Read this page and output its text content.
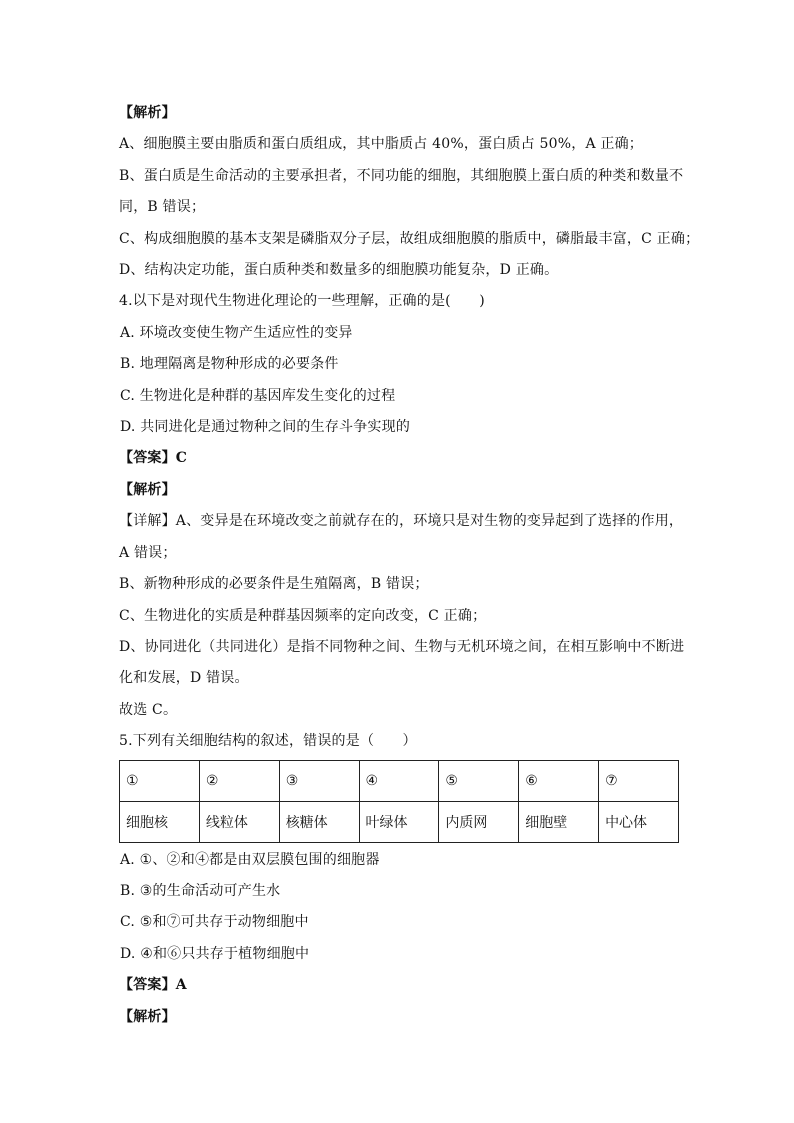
【解析】
A、细胞膜主要由脂质和蛋白质组成，其中脂质占 40%，蛋白质占 50%，A 正确；
B、蛋白质是生命活动的主要承担者，不同功能的细胞，其细胞膜上蛋白质的种类和数量不
同，B 错误；
C、构成细胞膜的基本支架是磷脂双分子层，故组成细胞膜的脂质中，磷脂最丰富，C 正确；
D、结构决定功能，蛋白质种类和数量多的细胞膜功能复杂，D 正确。
4.以下是对现代生物进化理论的一些理解，正确的是(　　)
A. 环境改变使生物产生适应性的变异
B. 地理隔离是物种形成的必要条件
C. 生物进化是种群的基因库发生变化的过程
D. 共同进化是通过物种之间的生存斗争实现的
【答案】C
【解析】
【详解】A、变异是在环境改变之前就存在的，环境只是对生物的变异起到了选择的作用，
A 错误；
B、新物种形成的必要条件是生殖隔离，B 错误；
C、生物进化的实质是种群基因频率的定向改变，C 正确；
D、协同进化（共同进化）是指不同物种之间、生物与无机环境之间，在相互影响中不断进
化和发展，D 错误。
故选 C。
5.下列有关细胞结构的叙述，错误的是（　　）
①	②	③	④	⑤	⑥	⑦
细胞核	线粒体	核糖体	叶绿体	内质网	细胞壁	中心体
A. ①、②和④都是由双层膜包围的细胞器
B. ③的生命活动可产生水
C. ⑤和⑦可共存于动物细胞中
D. ④和⑥只共存于植物细胞中
【答案】A
【解析】
